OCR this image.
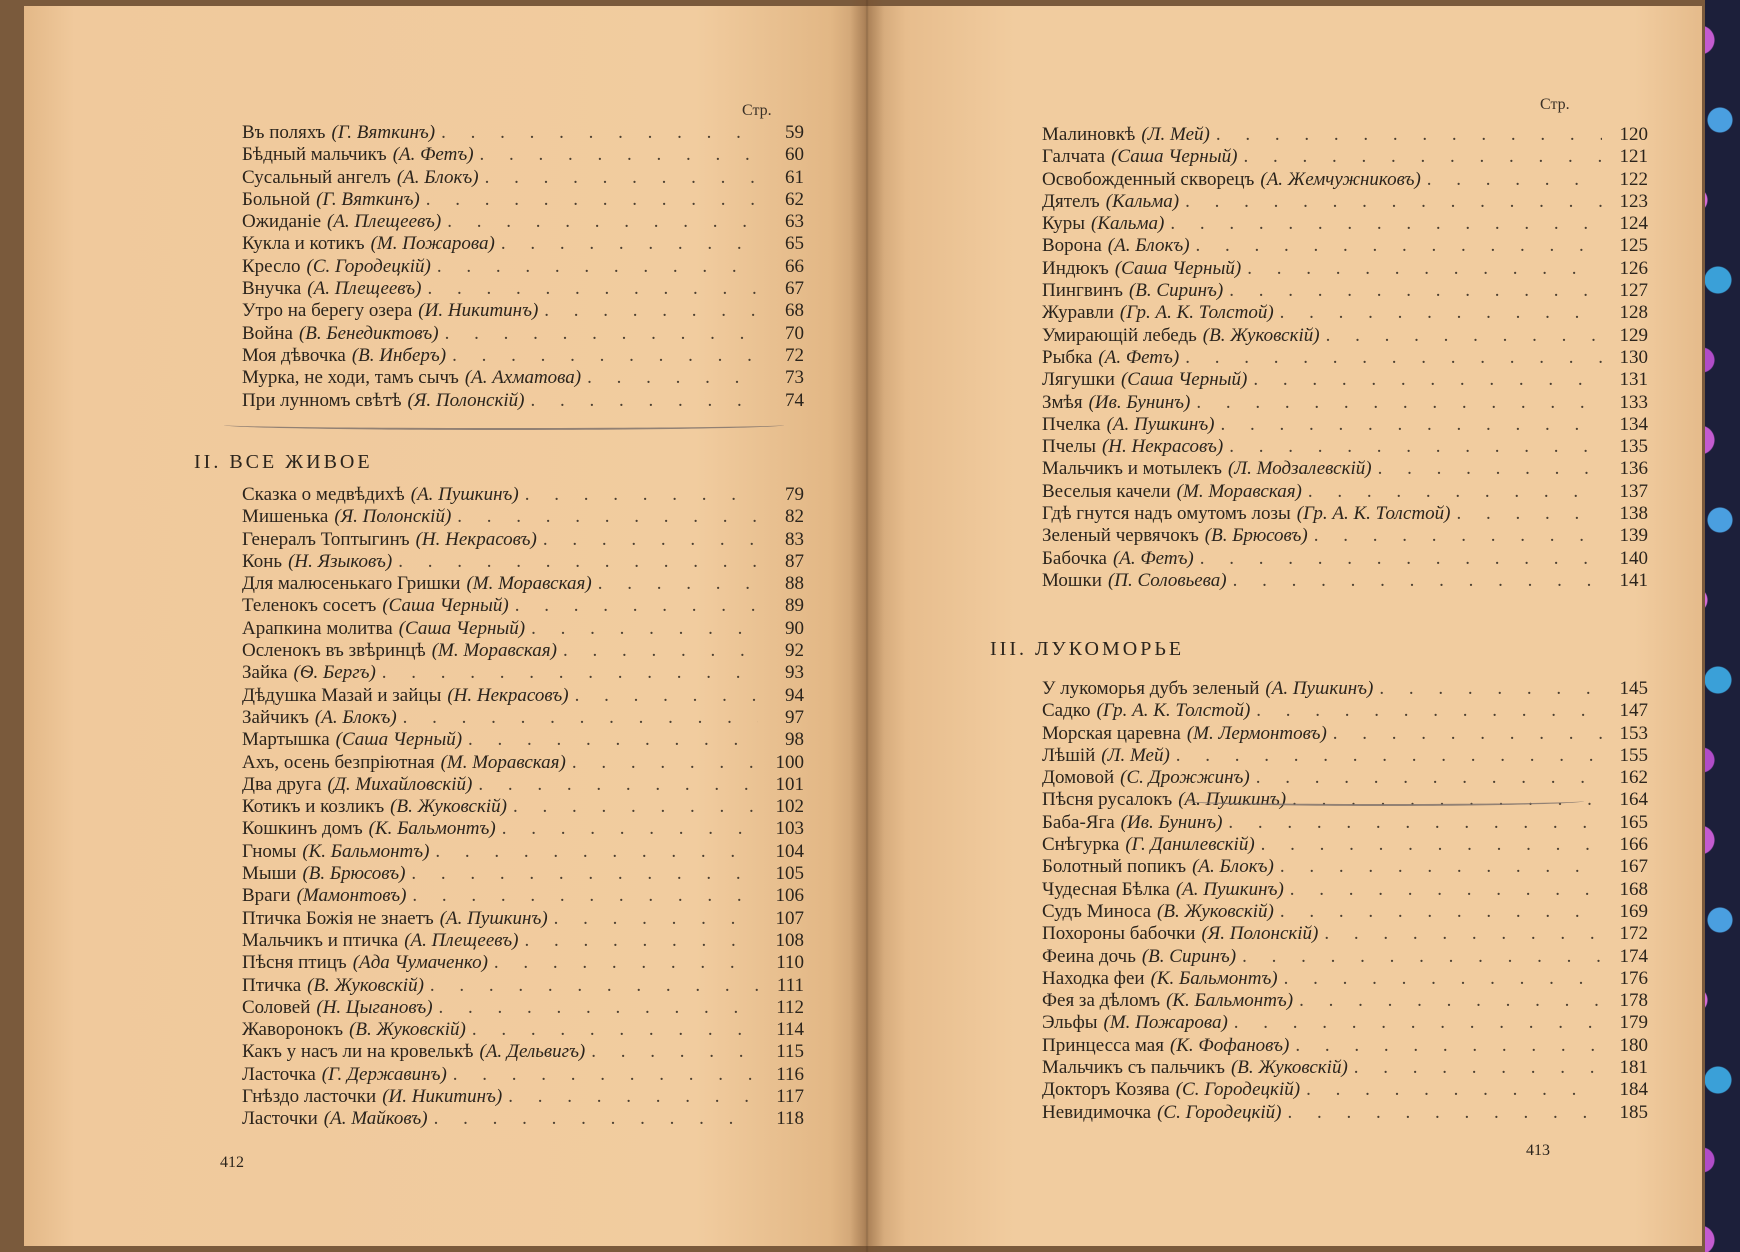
Стр.
Въ поляхъ (Г. Вяткинъ) . . .	59
Бѣдный мальчикъ (А. Фетъ) . . .	60
Сусальный ангелъ (А. Блокъ) . . .	61
Больной (Г. Вяткинъ) . . .	62
Ожиданіе (А. Плещеевъ) . . .	63
Кукла и котикъ (М. Пожарова) . . .	65
Кресло (С. Городецкій) . . .	66
Внучка (А. Плещеевъ) . . .	67
Утро на берегу озера (И. Никитинъ) . . .	68
Война (В. Бенедиктовъ) . . .	70
Моя дѣвочка (В. Инберъ) . . .	72
Мурка, не ходи, тамъ сычъ (А. Ахматова) . . .	73
При лунномъ свѣтѣ (Я. Полонскій) . . .	74
II. ВСЕ ЖИВОЕ
Сказка о медвѣдихѣ (А. Пушкинъ) . . .	79
Мишенька (Я. Полонскій) . . .	82
Генералъ Топтыгинъ (Н. Некрасовъ) . . .	83
Конь (Н. Языковъ) . . .	87
Для малюсенькаго Гришки (М. Моравская) . . .	88
Теленокъ сосетъ (Саша Черный) . . .	89
Арапкина молитва (Саша Черный) . . .	90
Осленокъ въ звѣринцѣ (М. Моравская) . . .	92
Зайка (Ѳ. Бергъ) . . .	93
Дѣдушка Мазай и зайцы (Н. Некрасовъ) . . .	94
Зайчикъ (А. Блокъ) . . .	97
Мартышка (Саша Черный) . . .	98
Ахъ, осень безпріютная (М. Моравская) . . .	100
Два друга (Д. Михайловскій) . . .	101
Котикъ и козликъ (В. Жуковскій) . . .	102
Кошкинъ домъ (К. Бальмонтъ) . . .	103
Гномы (К. Бальмонтъ) . . .	104
Мыши (В. Брюсовъ) . . .	105
Враги (Мамонтовъ) . . .	106
Птичка Божія не знаетъ (А. Пушкинъ) . . .	107
Мальчикъ и птичка (А. Плещеевъ) . . .	108
Пѣсня птицъ (Ада Чумаченко) . . .	110
Птичка (В. Жуковскій) . . .	111
Соловей (Н. Цыгановъ) . . .	112
Жаворонокъ (В. Жуковскій) . . .	114
Какъ у насъ ли на кровелькѣ (А. Дельвигъ) . . .	115
Ласточка (Г. Державинъ) . . .	116
Гнѣздо ласточки (И. Никитинъ) . . .	117
Ласточки (А. Майковъ) . . .	118
412
Стр.
Малиновкѣ (Л. Мей) . . .	120
Галчата (Саша Черный) . . .	121
Освобожденный скворецъ (А. Жемчужниковъ) . . .	122
Дятелъ (Кальма) . . .	123
Куры (Кальма) . . .	124
Ворона (А. Блокъ) . . .	125
Индюкъ (Саша Черный) . . .	126
Пингвинъ (В. Сиринъ) . . .	127
Журавли (Гр. А. К. Толстой) . . .	128
Умирающій лебедь (В. Жуковскій) . . .	129
Рыбка (А. Фетъ) . . .	130
Лягушки (Саша Черный) . . .	131
Змѣя (Ив. Бунинъ) . . .	133
Пчелка (А. Пушкинъ) . . .	134
Пчелы (Н. Некрасовъ) . . .	135
Мальчикъ и мотылекъ (Л. Модзалевскій) . . .	136
Веселыя качели (М. Моравская) . . .	137
Гдѣ гнутся надъ омутомъ лозы (Гр. А. К. Толстой) . . .	138
Зеленый червячокъ (В. Брюсовъ) . . .	139
Бабочка (А. Фетъ) . . .	140
Мошки (П. Соловьева) . . .	141
III. ЛУКОМОРЬЕ
У лукоморья дубъ зеленый (А. Пушкинъ) . . .	145
Садко (Гр. А. К. Толстой) . . .	147
Морская царевна (М. Лермонтовъ) . . .	153
Лѣшій (Л. Мей) . . .	155
Домовой (С. Дрожжинъ) . . .	162
Пѣсня русалокъ (А. Пушкинъ) . . .	164
Баба-Яга (Ив. Бунинъ) . . .	165
Снѣгурка (Г. Данилевскій) . . .	166
Болотный попикъ (А. Блокъ) . . .	167
Чудесная Бѣлка (А. Пушкинъ) . . .	168
Судъ Миноса (В. Жуковскій) . . .	169
Похороны бабочки (Я. Полонскій) . . .	172
Феина дочь (В. Сиринъ) . . .	174
Находка феи (К. Бальмонтъ) . . .	176
Фея за дѣломъ (К. Бальмонтъ) . . .	178
Эльфы (М. Пожарова) . . .	179
Принцесса мая (К. Фофановъ) . . .	180
Мальчикъ съ пальчикъ (В. Жуковскій) . . .	181
Докторъ Козява (С. Городецкій) . . .	184
Невидимочка (С. Городецкій) . . .	185
413
